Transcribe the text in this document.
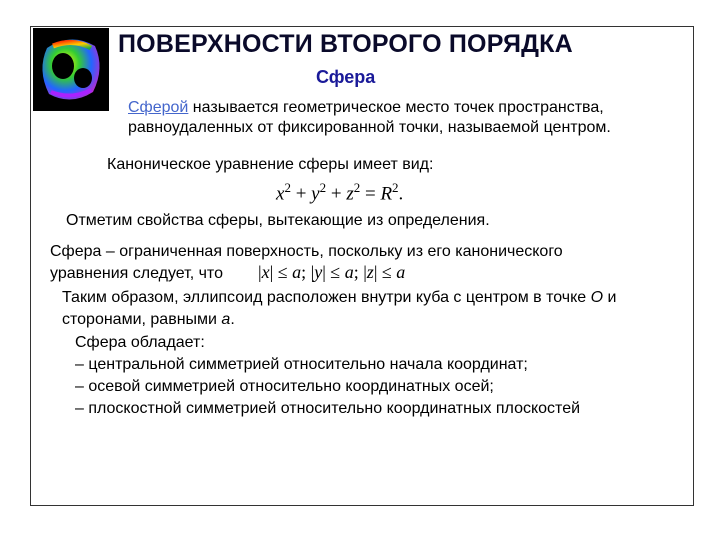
ПОВЕРХНОСТИ ВТОРОГО ПОРЯДКА
Сфера
Сферой называется геометрическое место точек пространства,
равноудаленных от фиксированной точки, называемой центром.
Каноническое уравнение сферы имеет вид:
$x^2 + y^2 + z^2 = R^2$.
Отметим свойства сферы, вытекающие из определения.
Сфера – ограниченная поверхность, поскольку из его канонического
уравнения следует, что |x| ≤ a; |y| ≤ a; |z| ≤ a
Таким образом, эллипсоид расположен внутри куба с центром в точке O и
сторонами, равными a.
Сфера обладает:
– центральной симметрией относительно начала координат;
– осевой симметрией относительно координатных осей;
– плоскостной симметрией относительно координатных плоскостей
